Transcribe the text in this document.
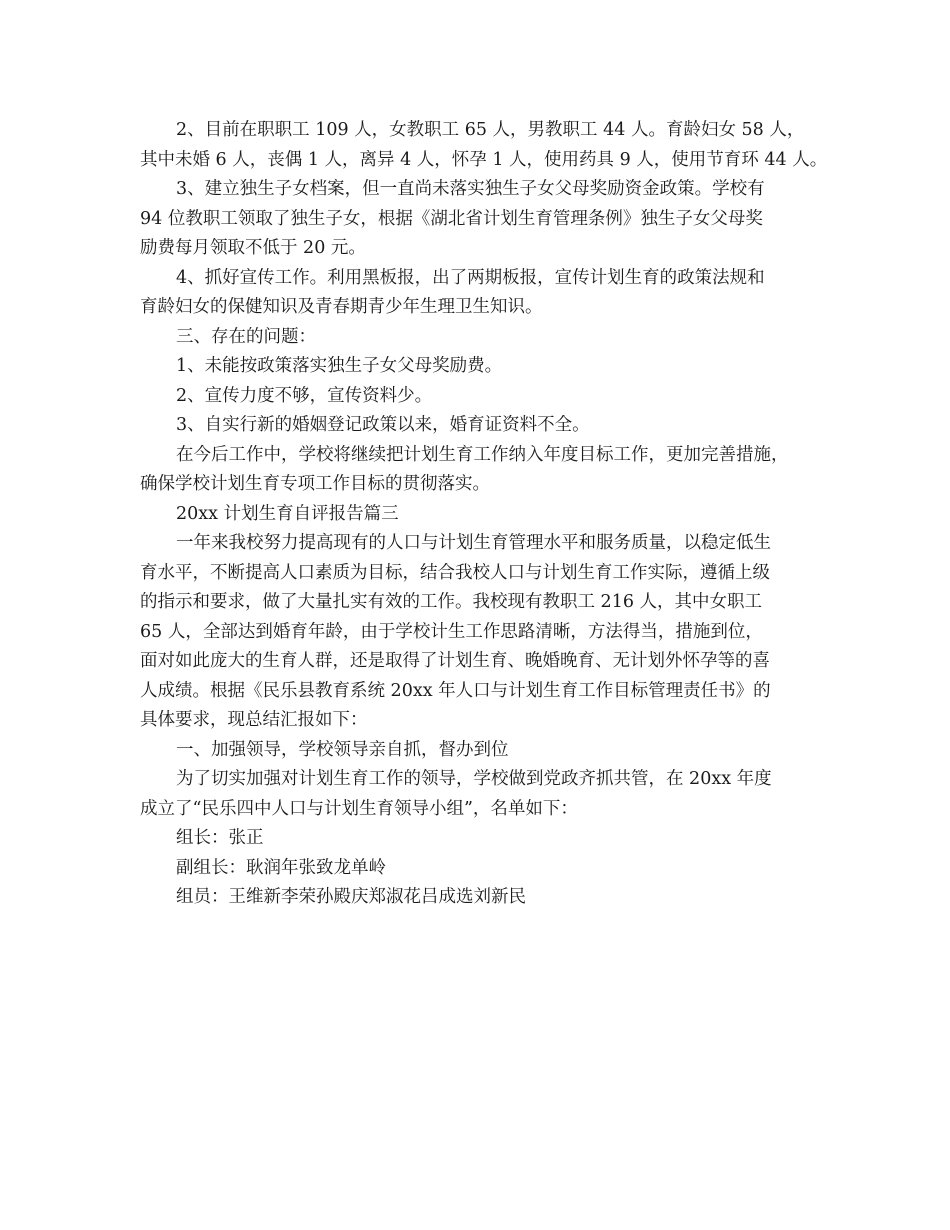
2、目前在职职工 109 人，女教职工 65 人，男教职工 44 人。育龄妇女 58 人，

其中未婚 6 人，丧偶 1 人，离异 4 人，怀孕 1 人，使用药具 9 人，使用节育环 44 人。

3、建立独生子女档案，但一直尚未落实独生子女父母奖励资金政策。学校有

94 位教职工领取了独生子女，根据《湖北省计划生育管理条例》独生子女父母奖

励费每月领取不低于 20 元。

4、抓好宣传工作。利用黑板报，出了两期板报，宣传计划生育的政策法规和

育龄妇女的保健知识及青春期青少年生理卫生知识。

三、存在的问题：

1、未能按政策落实独生子女父母奖励费。

2、宣传力度不够，宣传资料少。

3、自实行新的婚姻登记政策以来，婚育证资料不全。

在今后工作中，学校将继续把计划生育工作纳入年度目标工作，更加完善措施，

确保学校计划生育专项工作目标的贯彻落实。

20xx 计划生育自评报告篇三

一年来我校努力提高现有的人口与计划生育管理水平和服务质量，以稳定低生

育水平，不断提高人口素质为目标，结合我校人口与计划生育工作实际，遵循上级

的指示和要求，做了大量扎实有效的工作。我校现有教职工 216 人，其中女职工

65 人，全部达到婚育年龄，由于学校计生工作思路清晰，方法得当，措施到位，

面对如此庞大的生育人群，还是取得了计划生育、晚婚晚育、无计划外怀孕等的喜

人成绩。根据《民乐县教育系统 20xx 年人口与计划生育工作目标管理责任书》的

具体要求，现总结汇报如下：

一、加强领导，学校领导亲自抓，督办到位

为了切实加强对计划生育工作的领导，学校做到党政齐抓共管，在 20xx 年度

成立了“民乐四中人口与计划生育领导小组”，名单如下：

组长：张正

副组长：耿润年张致龙单岭

组员：王维新李荣孙殿庆郑淑花吕成选刘新民
